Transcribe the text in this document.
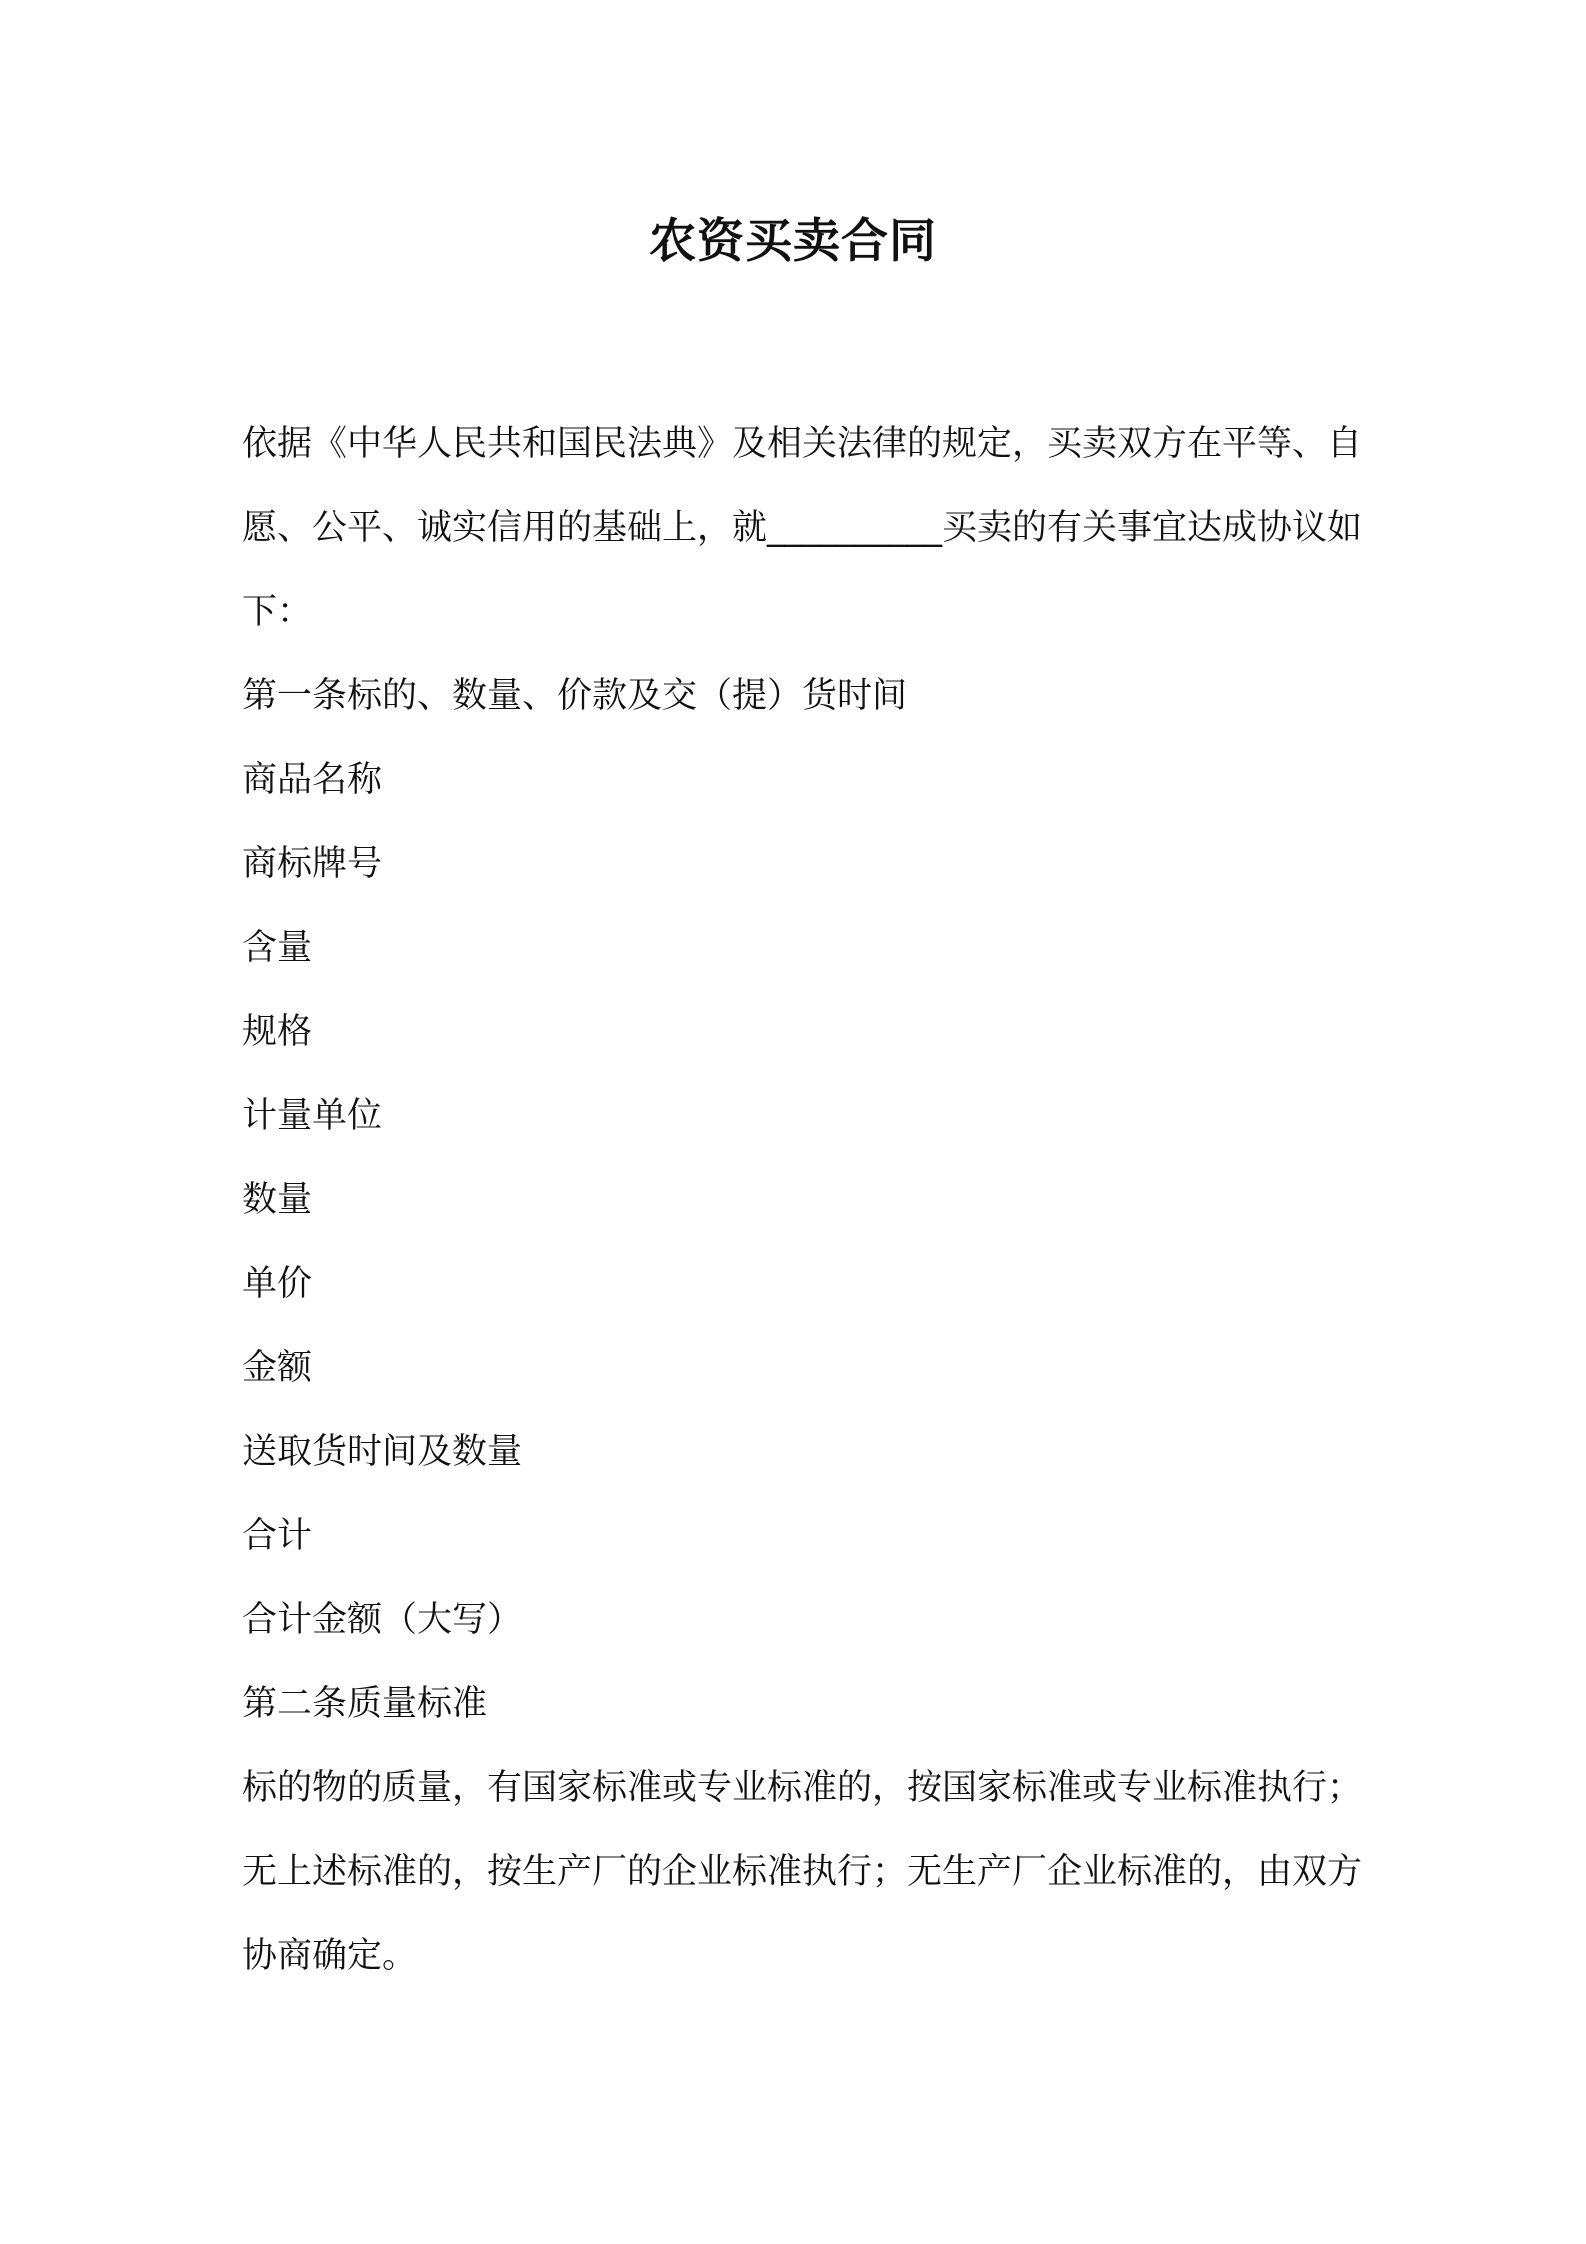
农资买卖合同

依据《中华人民共和国民法典》及相关法律的规定，买卖双方在平等、自愿、公平、诚实信用的基础上，就__________买卖的有关事宜达成协议如下：

第一条标的、数量、价款及交（提）货时间

商品名称

商标牌号

含量

规格

计量单位

数量

单价

金额

送取货时间及数量

合计

合计金额（大写）

第二条质量标准

标的物的质量，有国家标准或专业标准的，按国家标准或专业标准执行；无上述标准的，按生产厂的企业标准执行；无生产厂企业标准的，由双方协商确定。
